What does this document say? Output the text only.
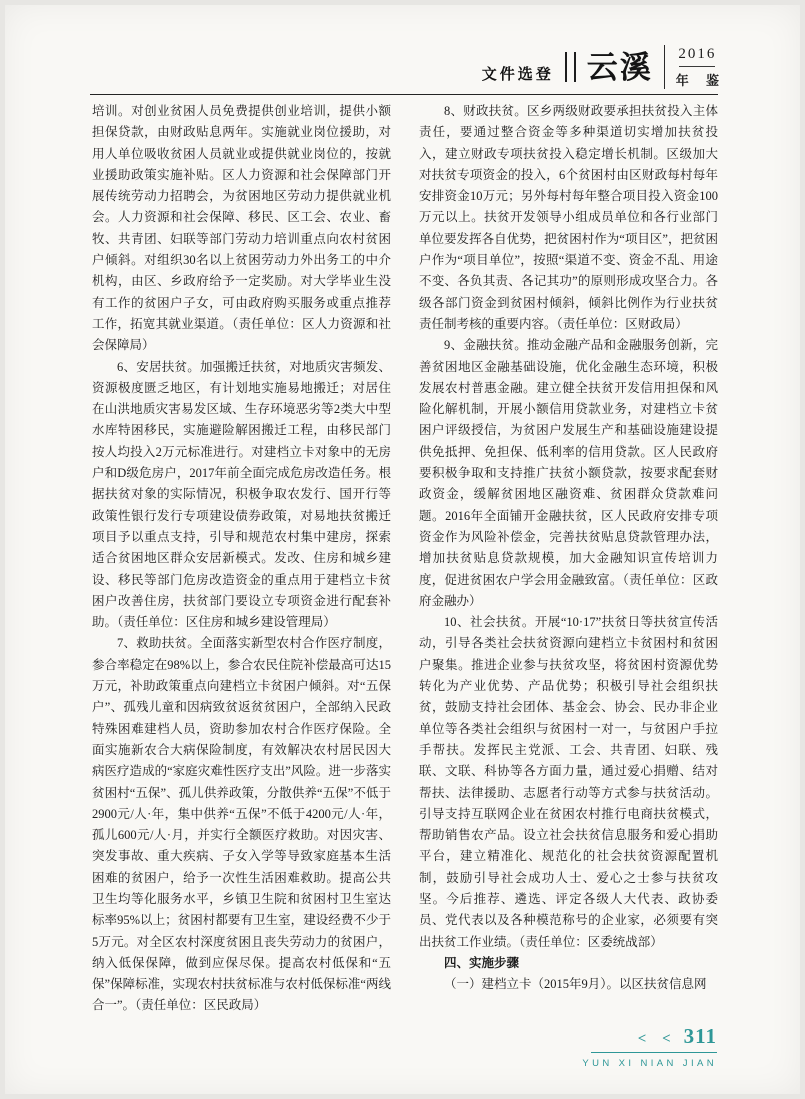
文件选登 云溪 2016
年 鉴

培训。对创业贫困人员免费提供创业培训，提供小额担保贷款，由财政贴息两年。实施就业岗位援助，对用人单位吸收贫困人员就业或提供就业岗位的，按就业援助政策实施补贴。区人力资源和社会保障部门开展传统劳动力招聘会，为贫困地区劳动力提供就业机会。人力资源和社会保障、移民、区工会、农业、畜牧、共青团、妇联等部门劳动力培训重点向农村贫困户倾斜。对组织30名以上贫困劳动力外出务工的中介机构，由区、乡政府给予一定奖励。对大学毕业生没有工作的贫困户子女，可由政府购买服务或重点推荐工作，拓宽其就业渠道。（责任单位：区人力资源和社会保障局）

6、安居扶贫。加强搬迁扶贫，对地质灾害频发、资源极度匮乏地区，有计划地实施易地搬迁；对居住在山洪地质灾害易发区域、生存环境恶劣等2类大中型水库特困移民，实施避险解困搬迁工程，由移民部门按人均投入2万元标准进行。对建档立卡对象中的无房户和D级危房户，2017年前全面完成危房改造任务。根据扶贫对象的实际情况，积极争取农发行、国开行等政策性银行发行专项建设债券政策，对易地扶贫搬迁项目予以重点支持，引导和规范农村集中建房，探索适合贫困地区群众安居新模式。发改、住房和城乡建设、移民等部门危房改造资金的重点用于建档立卡贫困户改善住房，扶贫部门要设立专项资金进行配套补助。（责任单位：区住房和城乡建设管理局）

7、救助扶贫。全面落实新型农村合作医疗制度，参合率稳定在98%以上，参合农民住院补偿最高可达15万元，补助政策重点向建档立卡贫困户倾斜。对“五保户”、孤残儿童和因病致贫返贫贫困户，全部纳入民政特殊困难建档人员，资助参加农村合作医疗保险。全面实施新农合大病保险制度，有效解决农村居民因大病医疗造成的“家庭灾难性医疗支出”风险。进一步落实贫困村“五保”、孤儿供养政策，分散供养“五保”不低于2900元/人·年，集中供养“五保”不低于4200元/人·年，孤儿600元/人·月，并实行全额医疗救助。对因灾害、突发事故、重大疾病、子女入学等导致家庭基本生活困难的贫困户，给予一次性生活困难救助。提高公共卫生均等化服务水平，乡镇卫生院和贫困村卫生室达标率95%以上；贫困村都要有卫生室，建设经费不少于5万元。对全区农村深度贫困且丧失劳动力的贫困户，纳入低保保障，做到应保尽保。提高农村低保和“五保”保障标准，实现农村扶贫标准与农村低保标准“两线合一”。（责任单位：区民政局）

8、财政扶贫。区乡两级财政要承担扶贫投入主体责任，要通过整合资金等多种渠道切实增加扶贫投入，建立财政专项扶贫投入稳定增长机制。区级加大对扶贫专项资金的投入，6个贫困村由区财政每村每年安排资金10万元；另外每村每年整合项目投入资金100万元以上。扶贫开发领导小组成员单位和各行业部门单位要发挥各自优势，把贫困村作为“项目区”，把贫困户作为“项目单位”，按照“渠道不变、资金不乱、用途不变、各负其责、各记其功”的原则形成攻坚合力。各级各部门资金到贫困村倾斜，倾斜比例作为行业扶贫责任制考核的重要内容。（责任单位：区财政局）

9、金融扶贫。推动金融产品和金融服务创新，完善贫困地区金融基础设施，优化金融生态环境，积极发展农村普惠金融。建立健全扶贫开发信用担保和风险化解机制，开展小额信用贷款业务，对建档立卡贫困户评级授信，为贫困户发展生产和基础设施建设提供免抵押、免担保、低利率的信用贷款。区人民政府要积极争取和支持推广扶贫小额贷款，按要求配套财政资金，缓解贫困地区融资难、贫困群众贷款难问题。2016年全面铺开金融扶贫，区人民政府安排专项资金作为风险补偿金，完善扶贫贴息贷款管理办法，增加扶贫贴息贷款规模，加大金融知识宣传培训力度，促进贫困农户学会用金融致富。（责任单位：区政府金融办）

10、社会扶贫。开展“10·17”扶贫日等扶贫宣传活动，引导各类社会扶贫资源向建档立卡贫困村和贫困户聚集。推进企业参与扶贫攻坚，将贫困村资源优势转化为产业优势、产品优势；积极引导社会组织扶贫，鼓励支持社会团体、基金会、协会、民办非企业单位等各类社会组织与贫困村一对一，与贫困户手拉手帮扶。发挥民主党派、工会、共青团、妇联、残联、文联、科协等各方面力量，通过爱心捐赠、结对帮扶、法律援助、志愿者行动等方式参与扶贫活动。引导支持互联网企业在贫困农村推行电商扶贫模式，帮助销售农产品。设立社会扶贫信息服务和爱心捐助平台，建立精准化、规范化的社会扶贫资源配置机制，鼓励引导社会成功人士、爱心之士参与扶贫攻坚。今后推荐、遴选、评定各级人大代表、政协委员、党代表以及各种模范称号的企业家，必须要有突出扶贫工作业绩。（责任单位：区委统战部）

四、实施步骤

（一）建档立卡（2015年9月）。以区扶贫信息网

< < 311
YUN XI NIAN JIAN
